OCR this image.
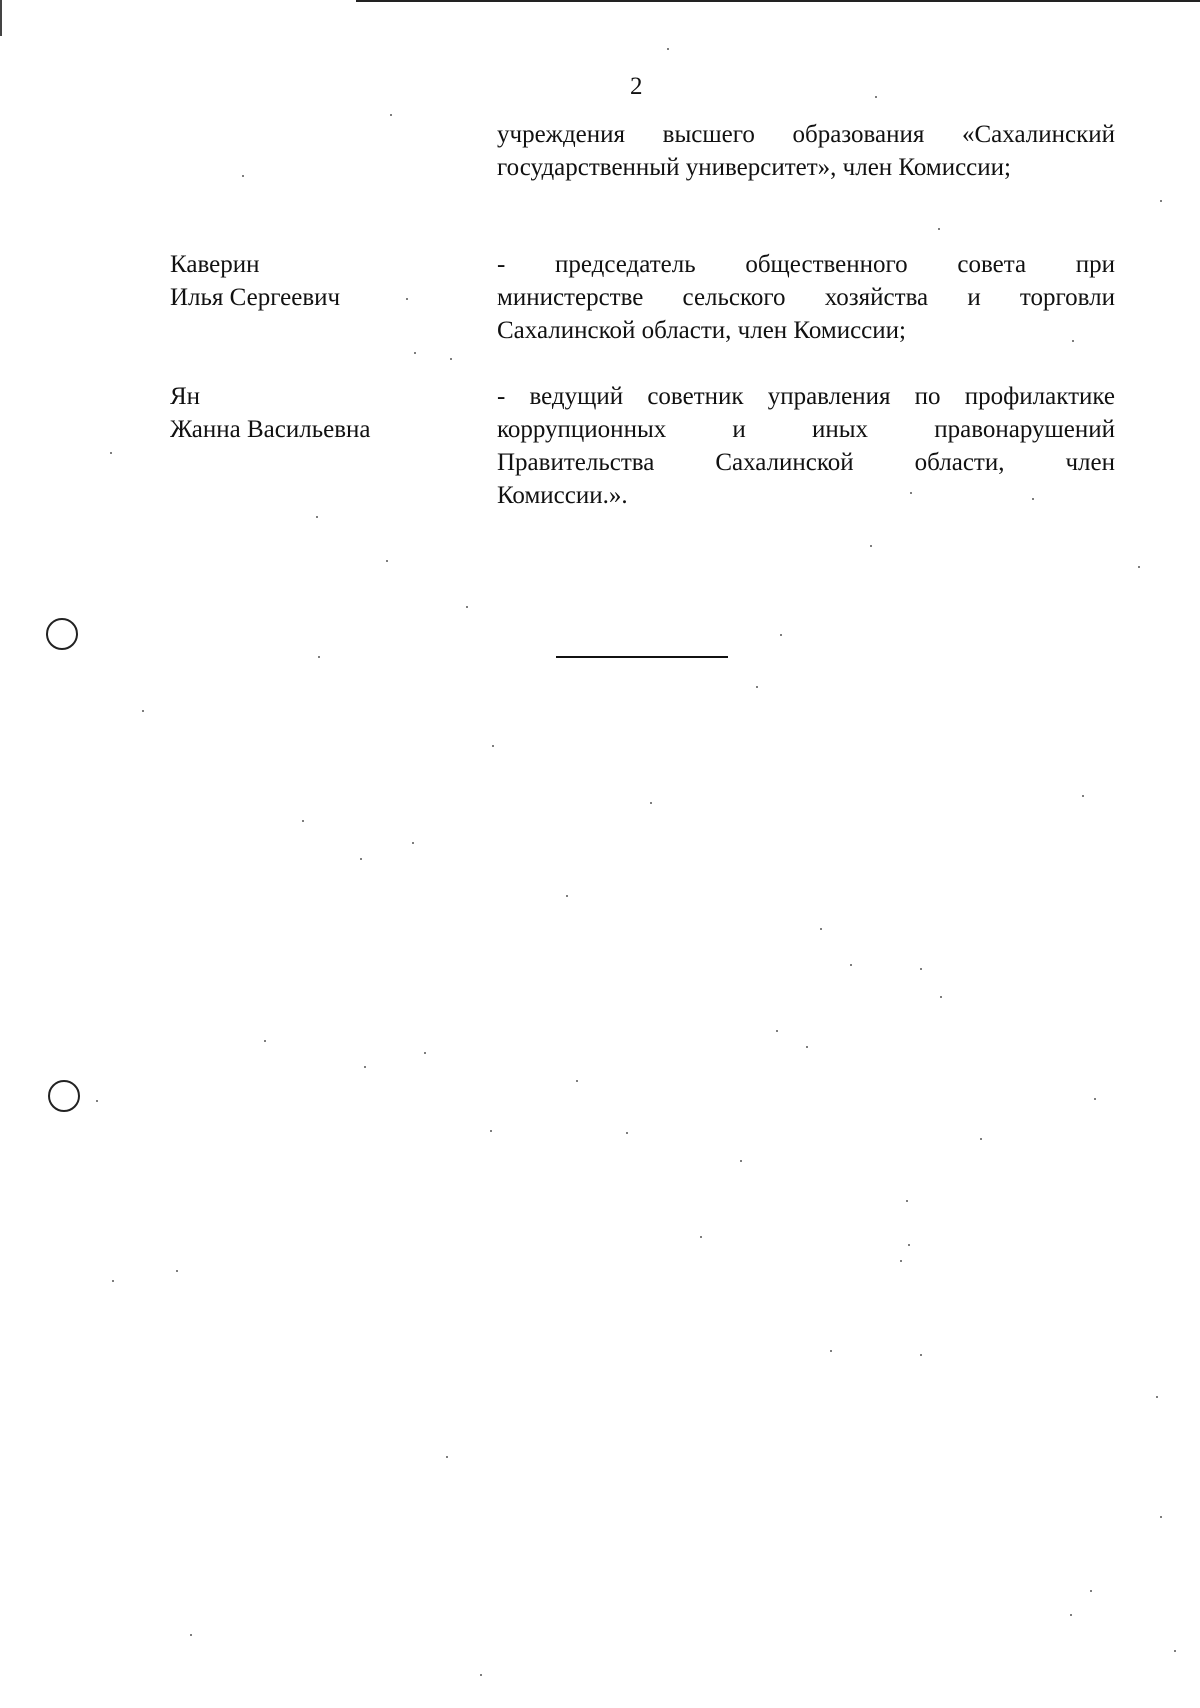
2
учреждения высшего образования «Сахалинский
государственный университет», член Комиссии;
Каверин
Илья Сергеевич
- председатель общественного совета при
министерстве сельского хозяйства и торговли
Сахалинской области, член Комиссии;
Ян
Жанна Васильевна
- ведущий советник управления по профилактике
коррупционных и иных правонарушений
Правительства Сахалинской области, член
Комиссии.».
